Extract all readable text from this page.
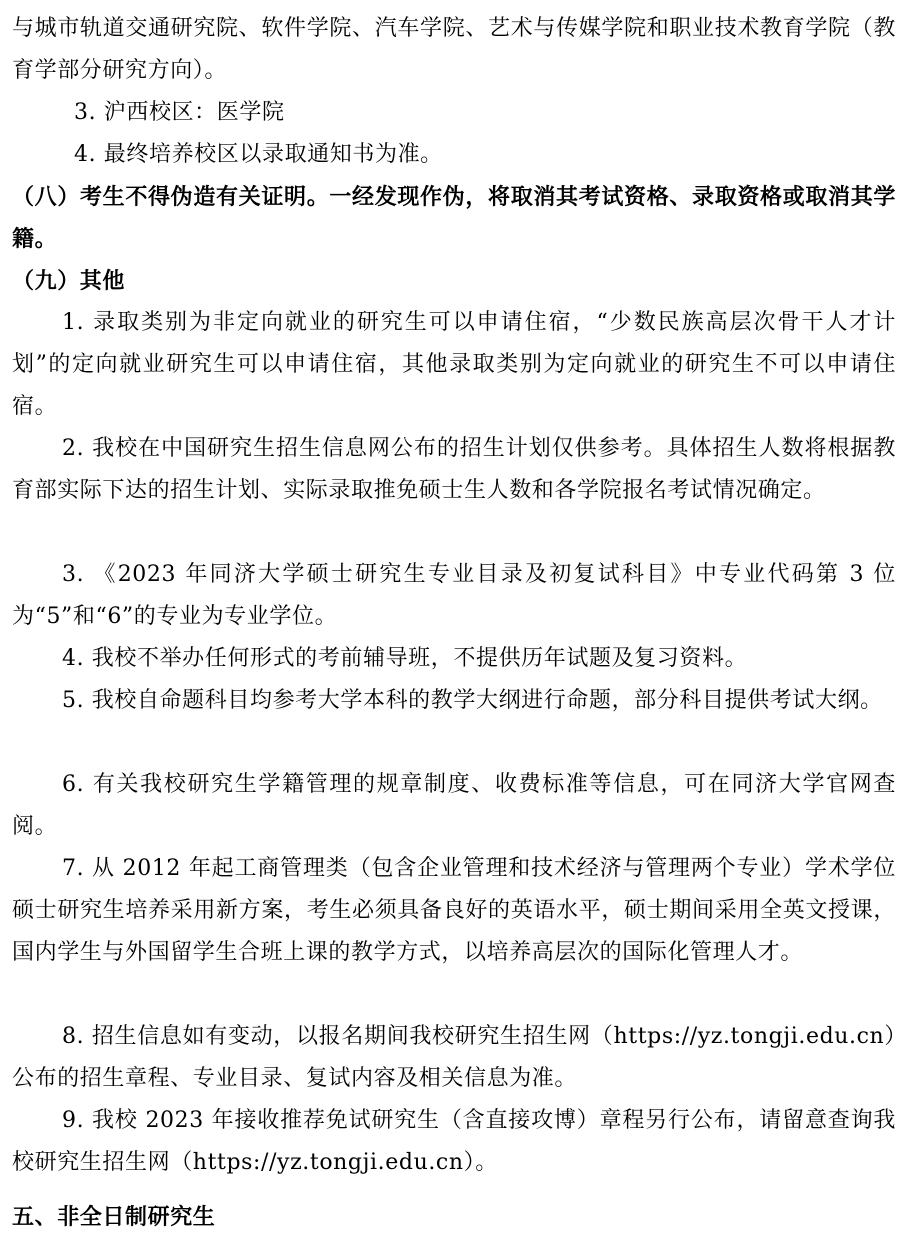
与城市轨道交通研究院、软件学院、汽车学院、艺术与传媒学院和职业技术教育学院（教育学部分研究方向）。

3. 沪西校区：医学院

4. 最终培养校区以录取通知书为准。

（八）考生不得伪造有关证明。一经发现作伪，将取消其考试资格、录取资格或取消其学籍。

（九）其他

1. 录取类别为非定向就业的研究生可以申请住宿，“少数民族高层次骨干人才计划”的定向就业研究生可以申请住宿，其他录取类别为定向就业的研究生不可以申请住宿。

2. 我校在中国研究生招生信息网公布的招生计划仅供参考。具体招生人数将根据教育部实际下达的招生计划、实际录取推免硕士生人数和各学院报名考试情况确定。

3. 《2023 年同济大学硕士研究生专业目录及初复试科目》中专业代码第 3 位为“5”和“6”的专业为专业学位。

4. 我校不举办任何形式的考前辅导班，不提供历年试题及复习资料。

5. 我校自命题科目均参考大学本科的教学大纲进行命题，部分科目提供考试大纲。

6. 有关我校研究生学籍管理的规章制度、收费标准等信息，可在同济大学官网查阅。

7. 从 2012 年起工商管理类（包含企业管理和技术经济与管理两个专业）学术学位硕士研究生培养采用新方案，考生必须具备良好的英语水平，硕士期间采用全英文授课，国内学生与外国留学生合班上课的教学方式，以培养高层次的国际化管理人才。

8. 招生信息如有变动，以报名期间我校研究生招生网（https://yz.tongji.edu.cn）公布的招生章程、专业目录、复试内容及相关信息为准。

9. 我校 2023 年接收推荐免试研究生（含直接攻博）章程另行公布，请留意查询我校研究生招生网（https://yz.tongji.edu.cn）。

五、非全日制研究生
